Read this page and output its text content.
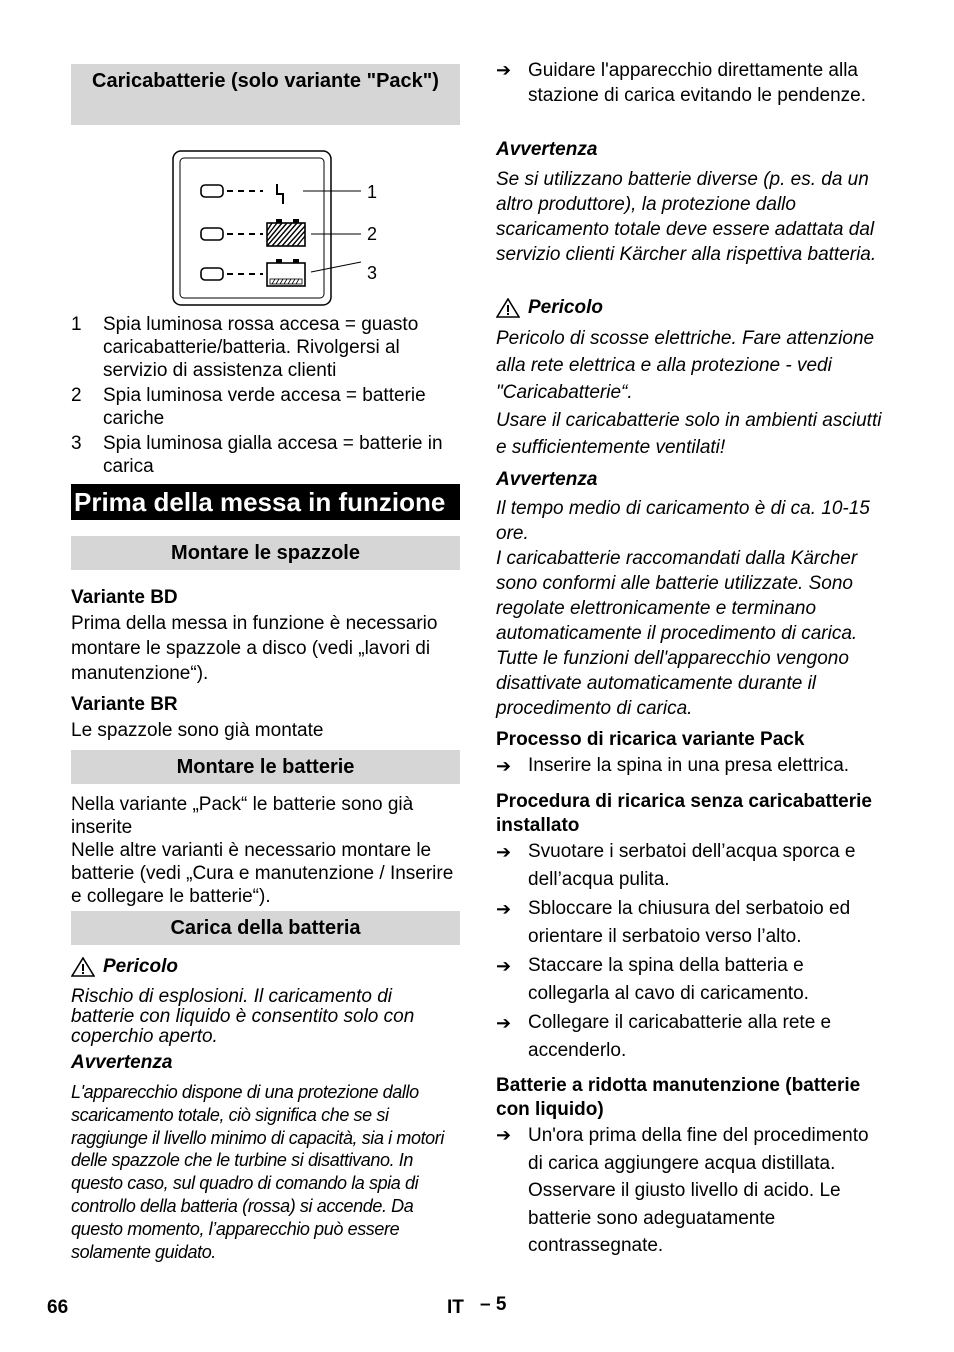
Caricabatterie (solo variante "Pack")
1
2
3
1	Spia luminosa rossa accesa = guasto caricabatterie/batteria. Rivolgersi al servizio di assistenza clienti
2	Spia luminosa verde accesa = batterie cariche
3	Spia luminosa gialla accesa = batterie in carica
Prima della messa in funzione
Montare le spazzole

Variante BD

Prima della messa in funzione è necessario montare le spazzole a disco (vedi „lavori di manutenzione“).

Variante BR

Le spazzole sono già montate

Montare le batterie

Nella variante „Pack“ le batterie sono già inserite

Nelle altre varianti è necessario montare le batterie (vedi „Cura e manutenzione / Inserire e collegare le batterie“).

Carica della batteria
Pericolo

Rischio di esplosioni. Il caricamento di batterie con liquido è consentito solo con coperchio aperto.

Avvertenza

L'apparecchio dispone di una protezione dallo scaricamento totale, ciò significa che se si raggiunge il livello minimo di capacità, sia i motori delle spazzole che le turbine si disattivano. In questo caso, sul quadro di comando la spia di controllo della batteria (rossa) si accende. Da questo momento, l’apparecchio può essere solamente guidato.

➔ Guidare l'apparecchio direttamente alla stazione di carica evitando le pendenze.

Avvertenza

Se si utilizzano batterie diverse (p. es. da un altro produttore), la protezione dallo scaricamento totale deve essere adattata dal servizio clienti Kärcher alla rispettiva batteria.

Pericolo

Pericolo di scosse elettriche. Fare attenzione alla rete elettrica e alla protezione - vedi "Caricabatterie“.

Usare il caricabatterie solo in ambienti asciutti e sufficientemente ventilati!

Avvertenza

Il tempo medio di caricamento è di ca. 10-15 ore.

I caricabatterie raccomandati dalla Kärcher sono conformi alle batterie utilizzate. Sono regolate elettronicamente e terminano automaticamente il procedimento di carica.

Tutte le funzioni dell'apparecchio vengono disattivate automaticamente durante il procedimento di carica.

Processo di ricarica variante Pack

➔ Inserire la spina in una presa elettrica.

Procedura di ricarica senza caricabatterie installato

➔ Svuotare i serbatoi dell’acqua sporca e dell’acqua pulita.
➔ Sbloccare la chiusura del serbatoio ed orientare il serbatoio verso l’alto.
➔ Staccare la spina della batteria e collegarla al cavo di caricamento.
➔ Collegare il caricabatterie alla rete e accenderlo.

Batterie a ridotta manutenzione (batterie con liquido)

➔ Un'ora prima della fine del procedimento di carica aggiungere acqua distillata. Osservare il giusto livello di acido. Le batterie sono adeguatamente contrassegnate.
66	IT – 5
